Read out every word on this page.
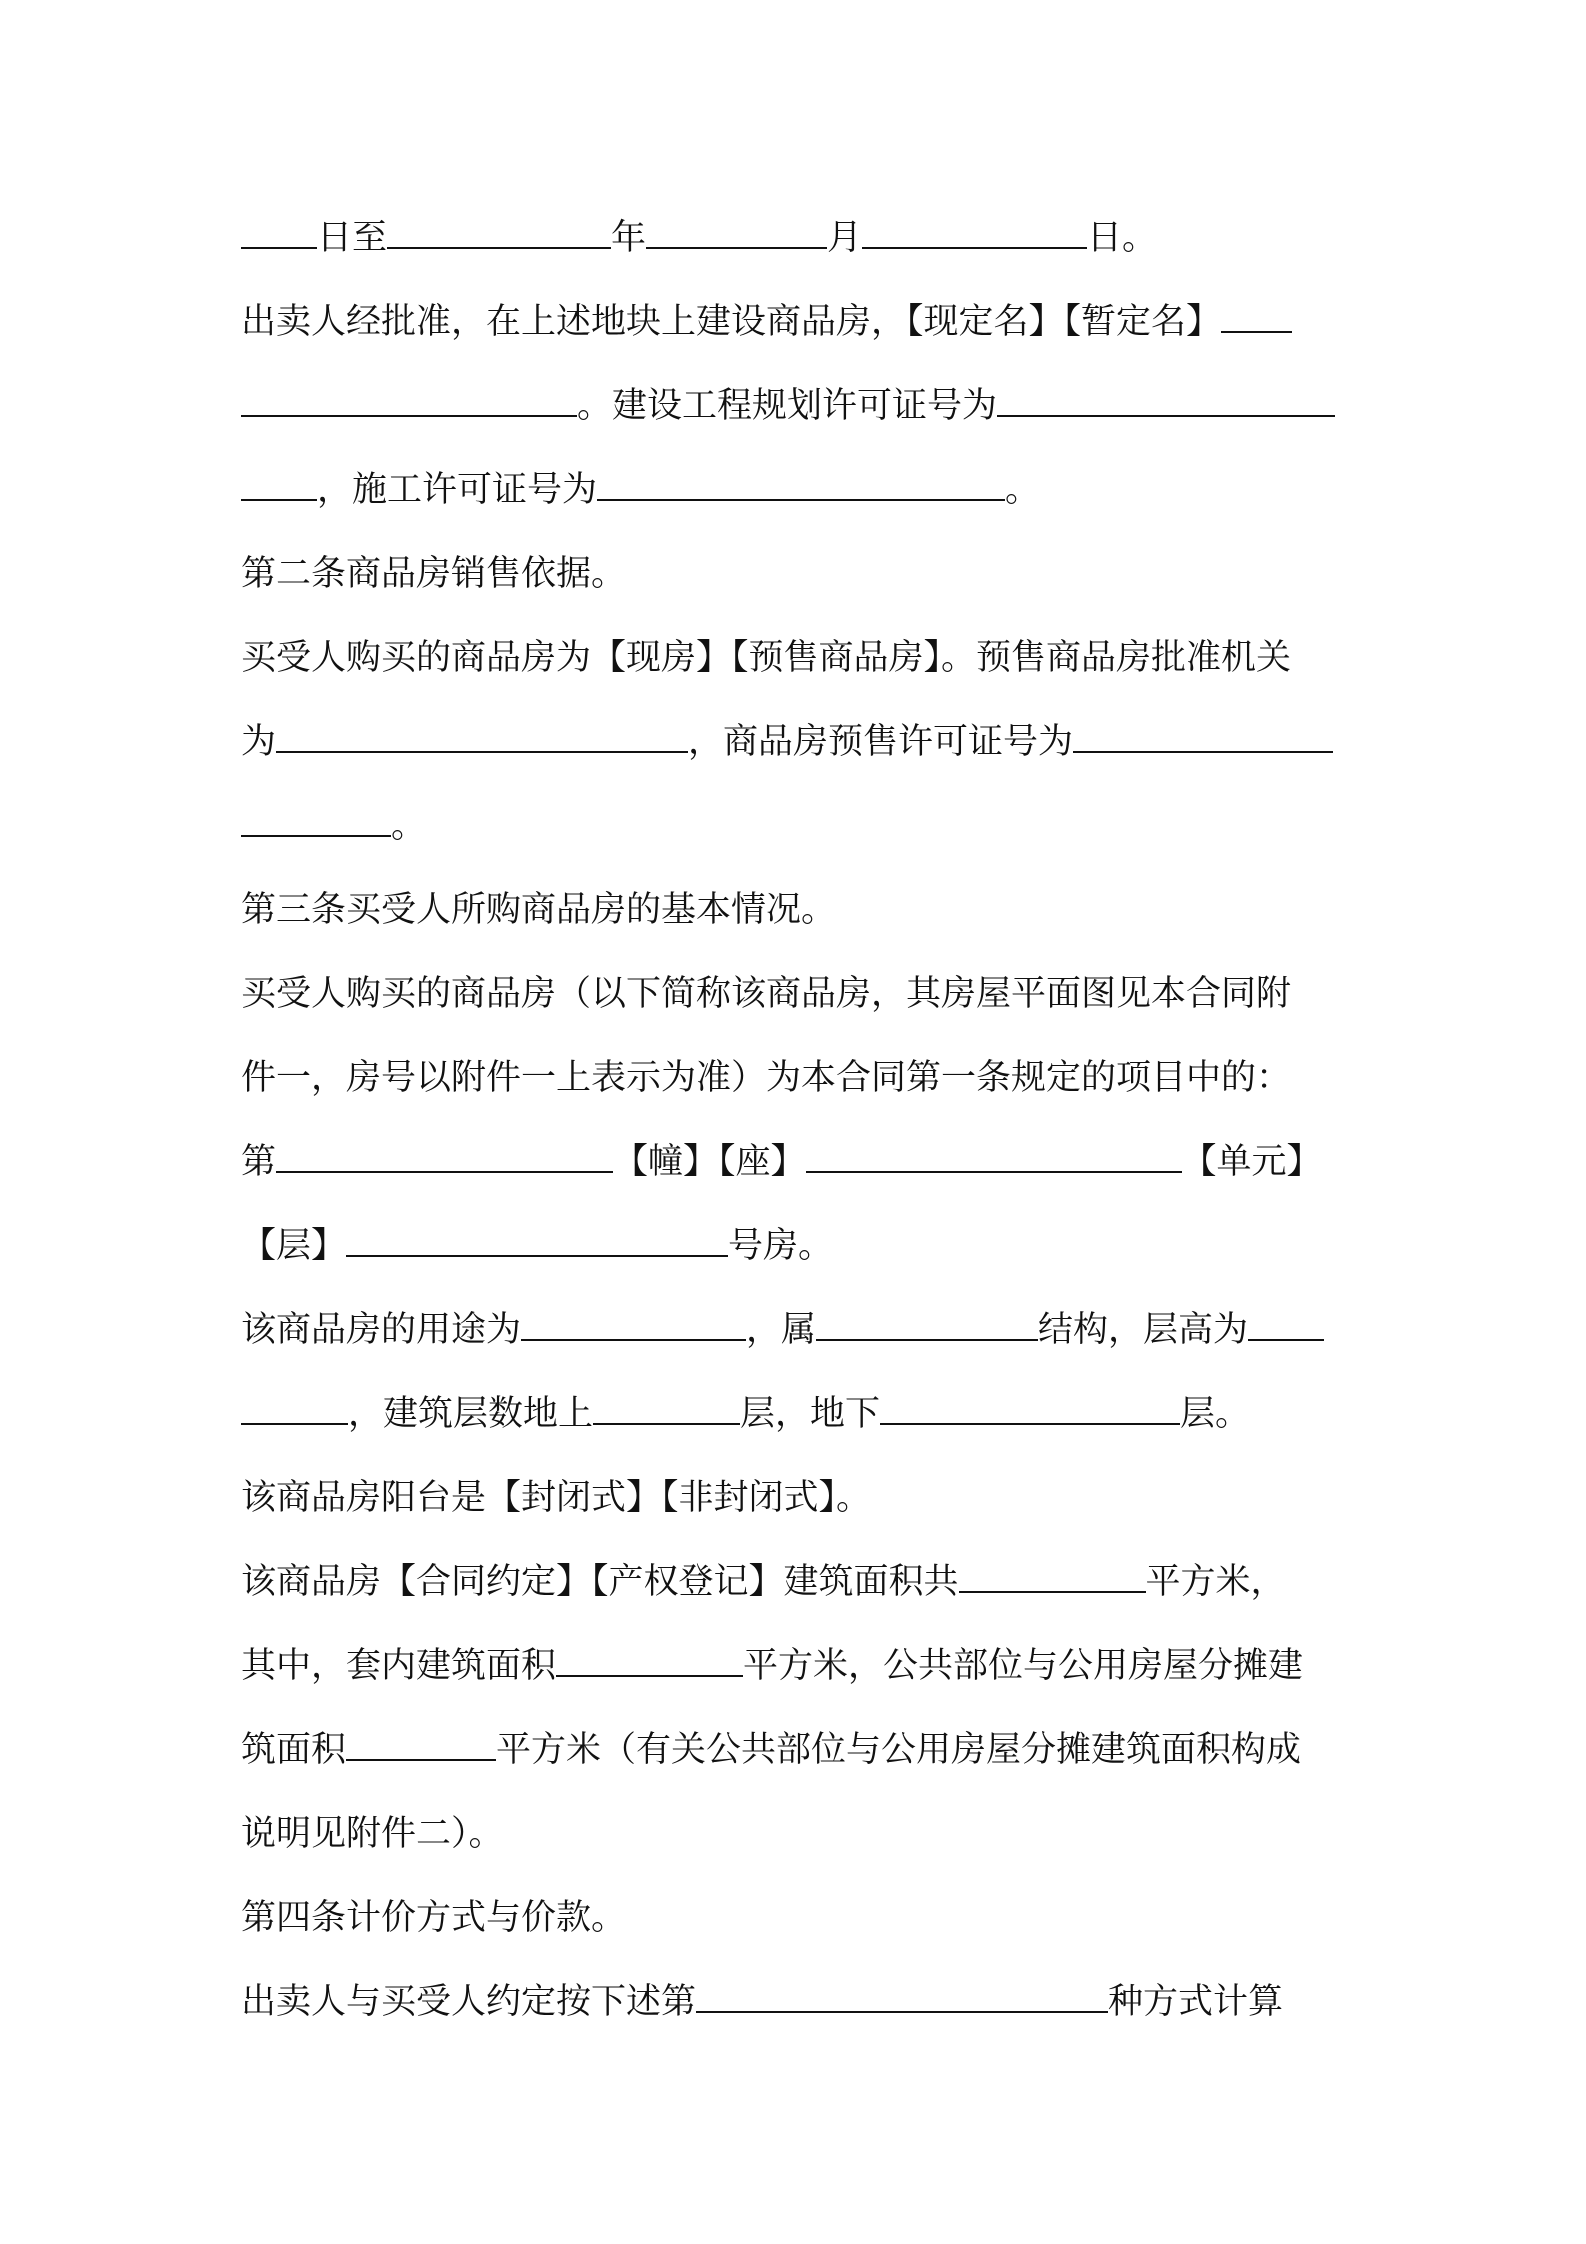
日至	年	月	日。
出卖人经批准，在上述地块上建设商品房，【现定名】【暂定名】
。建设工程规划许可证号为
，施工许可证号为	。
第二条商品房销售依据。
买受人购买的商品房为【现房】【预售商品房】。预售商品房批准机关
为	，商品房预售许可证号为
。
第三条买受人所购商品房的基本情况。
买受人购买的商品房（以下简称该商品房，其房屋平面图见本合同附
件一，房号以附件一上表示为准）为本合同第一条规定的项目中的：
第	【幢】【座】	【单元】
【层】	号房。
该商品房的用途为	，属	结构，层高为
，建筑层数地上	层，地下	层。
该商品房阳台是【封闭式】【非封闭式】。
该商品房【合同约定】【产权登记】建筑面积共	平方米，
其中，套内建筑面积	平方米，公共部位与公用房屋分摊建
筑面积	平方米（有关公共部位与公用房屋分摊建筑面积构成
说明见附件二）。
第四条计价方式与价款。
出卖人与买受人约定按下述第	种方式计算
